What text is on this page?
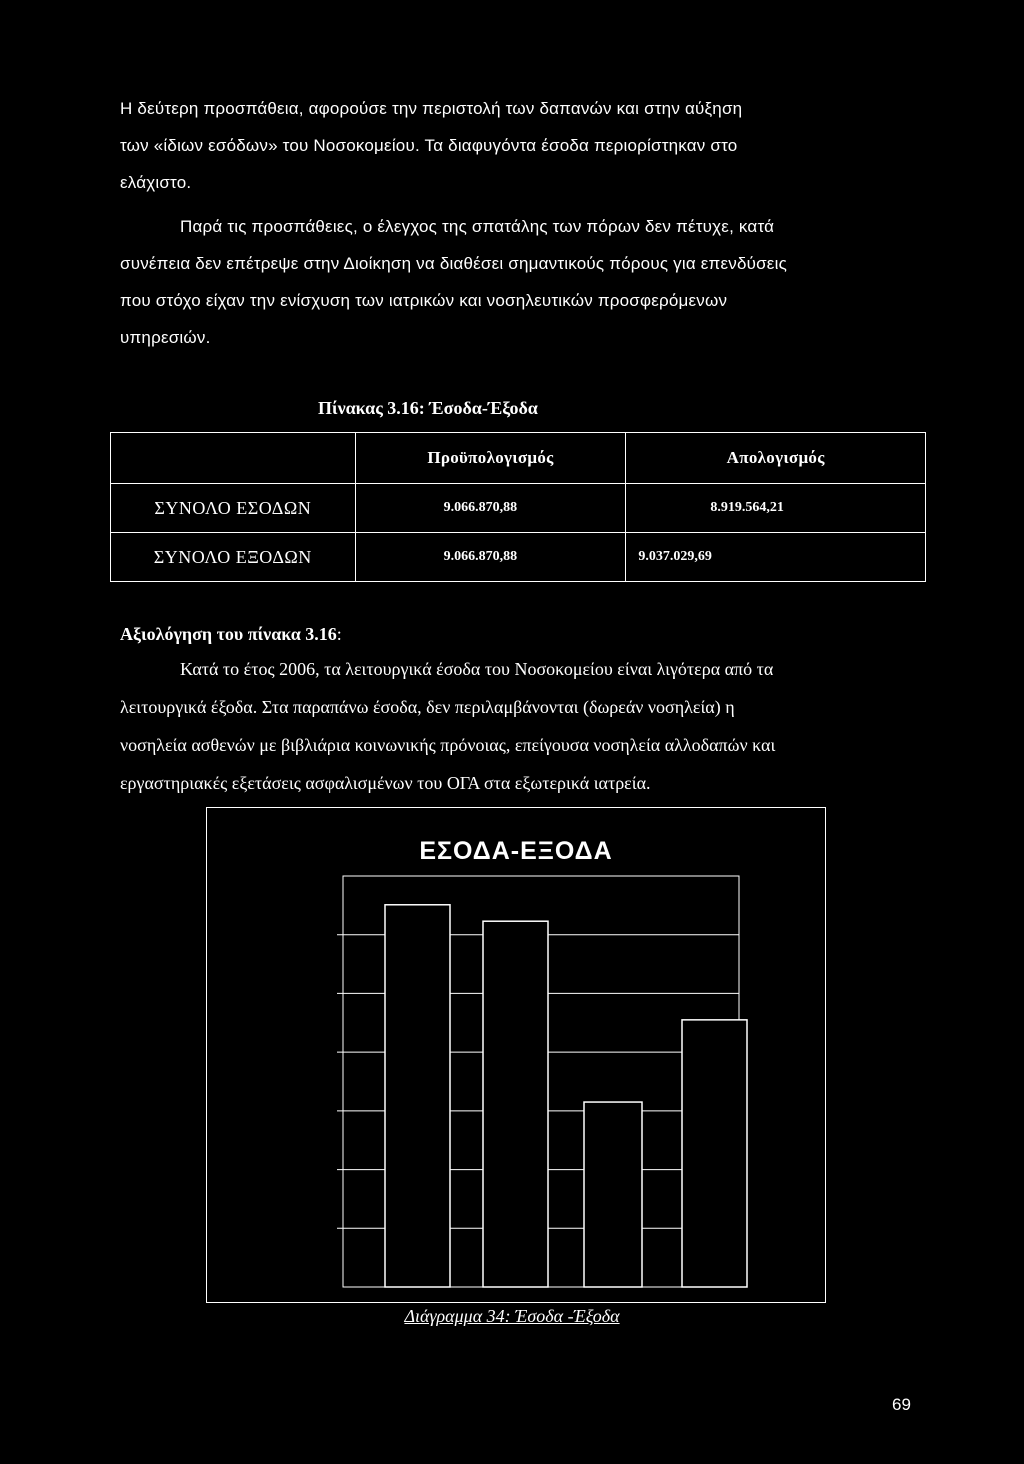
Η δεύτερη προσπάθεια, αφορούσε την περιστολή των δαπανών και στην αύξηση
των «ίδιων εσόδων» του Νοσοκομείου. Τα διαφυγόντα έσοδα περιορίστηκαν στο
ελάχιστο.

Παρά τις προσπάθειες, ο έλεγχος της σπατάλης των πόρων δεν πέτυχε, κατά
συνέπεια δεν επέτρεψε στην Διοίκηση να διαθέσει σημαντικούς πόρους για επενδύσεις
που στόχο είχαν την ενίσχυση των ιατρικών και νοσηλευτικών προσφερόμενων
υπηρεσιών.

Πίνακας 3.16: Έσοδα-Έξοδα

	Προϋπολογισμός	Απολογισμός
ΣΥΝΟΛΟ ΕΣΟΔΩΝ	9.066.870,88	8.919.564,21
ΣΥΝΟΛΟ ΕΞΟΔΩΝ	9.066.870,88	9.037.029,69

Αξιολόγηση του πίνακα 3.16:

Κατά το έτος 2006, τα λειτουργικά έσοδα του Νοσοκομείου είναι λιγότερα από τα
λειτουργικά έξοδα. Στα παραπάνω έσοδα, δεν περιλαμβάνονται (δωρεάν νοσηλεία) η
νοσηλεία ασθενών με βιβλιάρια κοινωνικής πρόνοιας, επείγουσα νοσηλεία αλλοδαπών και
εργαστηριακές εξετάσεις ασφαλισμένων του ΟΓΑ στα εξωτερικά ιατρεία.

ΕΣΟΔΑ-ΕΞΟΔΑ

Διάγραμμα 34: Έσοδα -Έξοδα

69
